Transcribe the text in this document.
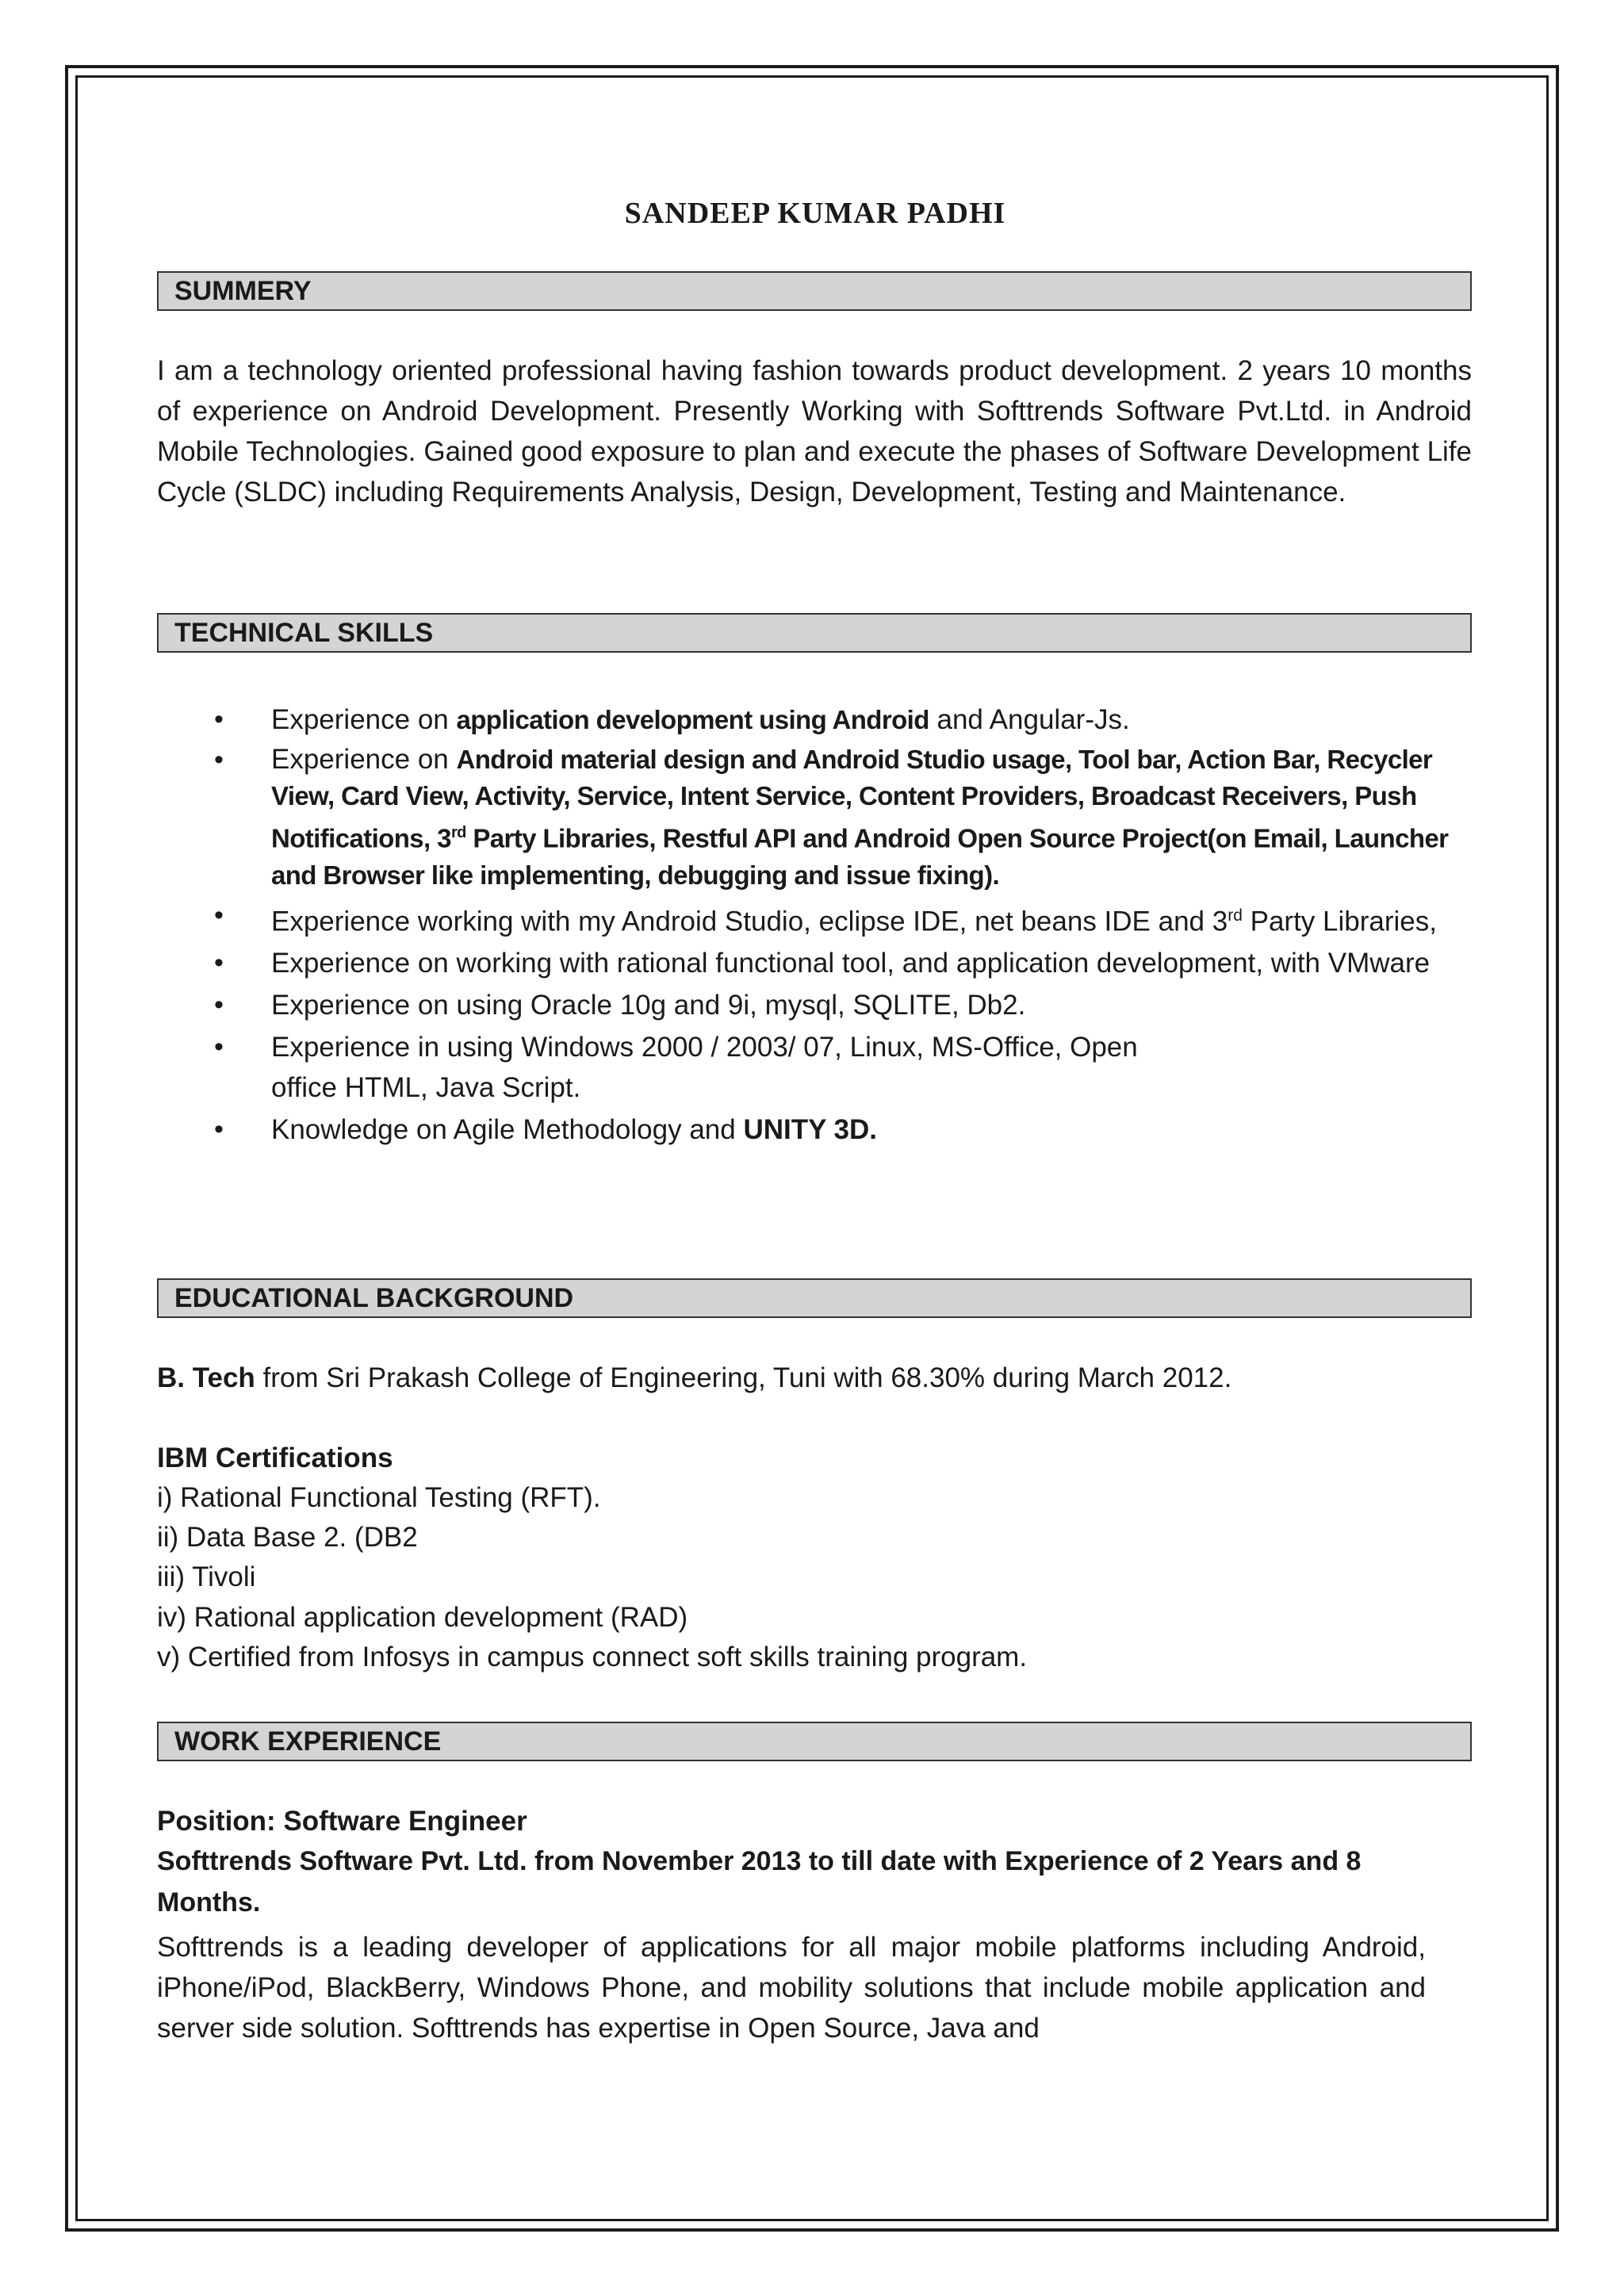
SANDEEP KUMAR PADHI
SUMMERY
I am a technology oriented professional having fashion towards product development. 2 years 10 months of experience on Android Development. Presently Working with Softtrends Software Pvt.Ltd. in Android Mobile Technologies. Gained good exposure to plan and execute the phases of Software Development Life Cycle (SLDC) including Requirements Analysis, Design, Development, Testing and Maintenance.
TECHNICAL SKILLS
• Experience on application development using Android and Angular-Js.
• Experience on Android material design and Android Studio usage, Tool bar, Action Bar, Recycler View, Card View, Activity, Service, Intent Service, Content Providers, Broadcast Receivers, Push Notifications, 3rd Party Libraries, Restful API and Android Open Source Project(on Email, Launcher and Browser like implementing, debugging and issue fixing).
• Experience working with my Android Studio, eclipse IDE, net beans IDE and 3rd Party Libraries,
• Experience on working with rational functional tool, and application development, with VMware
• Experience on using Oracle 10g and 9i, mysql, SQLITE, Db2.
• Experience in using Windows 2000 / 2003/ 07, Linux, MS-Office, Open office HTML, Java Script.
• Knowledge on Agile Methodology and UNITY 3D.
EDUCATIONAL BACKGROUND
B. Tech from Sri Prakash College of Engineering, Tuni with 68.30% during March 2012.
IBM Certifications
i) Rational Functional Testing (RFT).
ii) Data Base 2. (DB2
iii) Tivoli
iv) Rational application development (RAD)
v) Certified from Infosys in campus connect soft skills training program.
WORK EXPERIENCE
Position: Software Engineer
Softtrends Software Pvt. Ltd. from November 2013 to till date with Experience of 2 Years and 8 Months.
Softtrends is a leading developer of applications for all major mobile platforms including Android, iPhone/iPod, BlackBerry, Windows Phone, and mobility solutions that include mobile application and server side solution. Softtrends has expertise in Open Source, Java and
